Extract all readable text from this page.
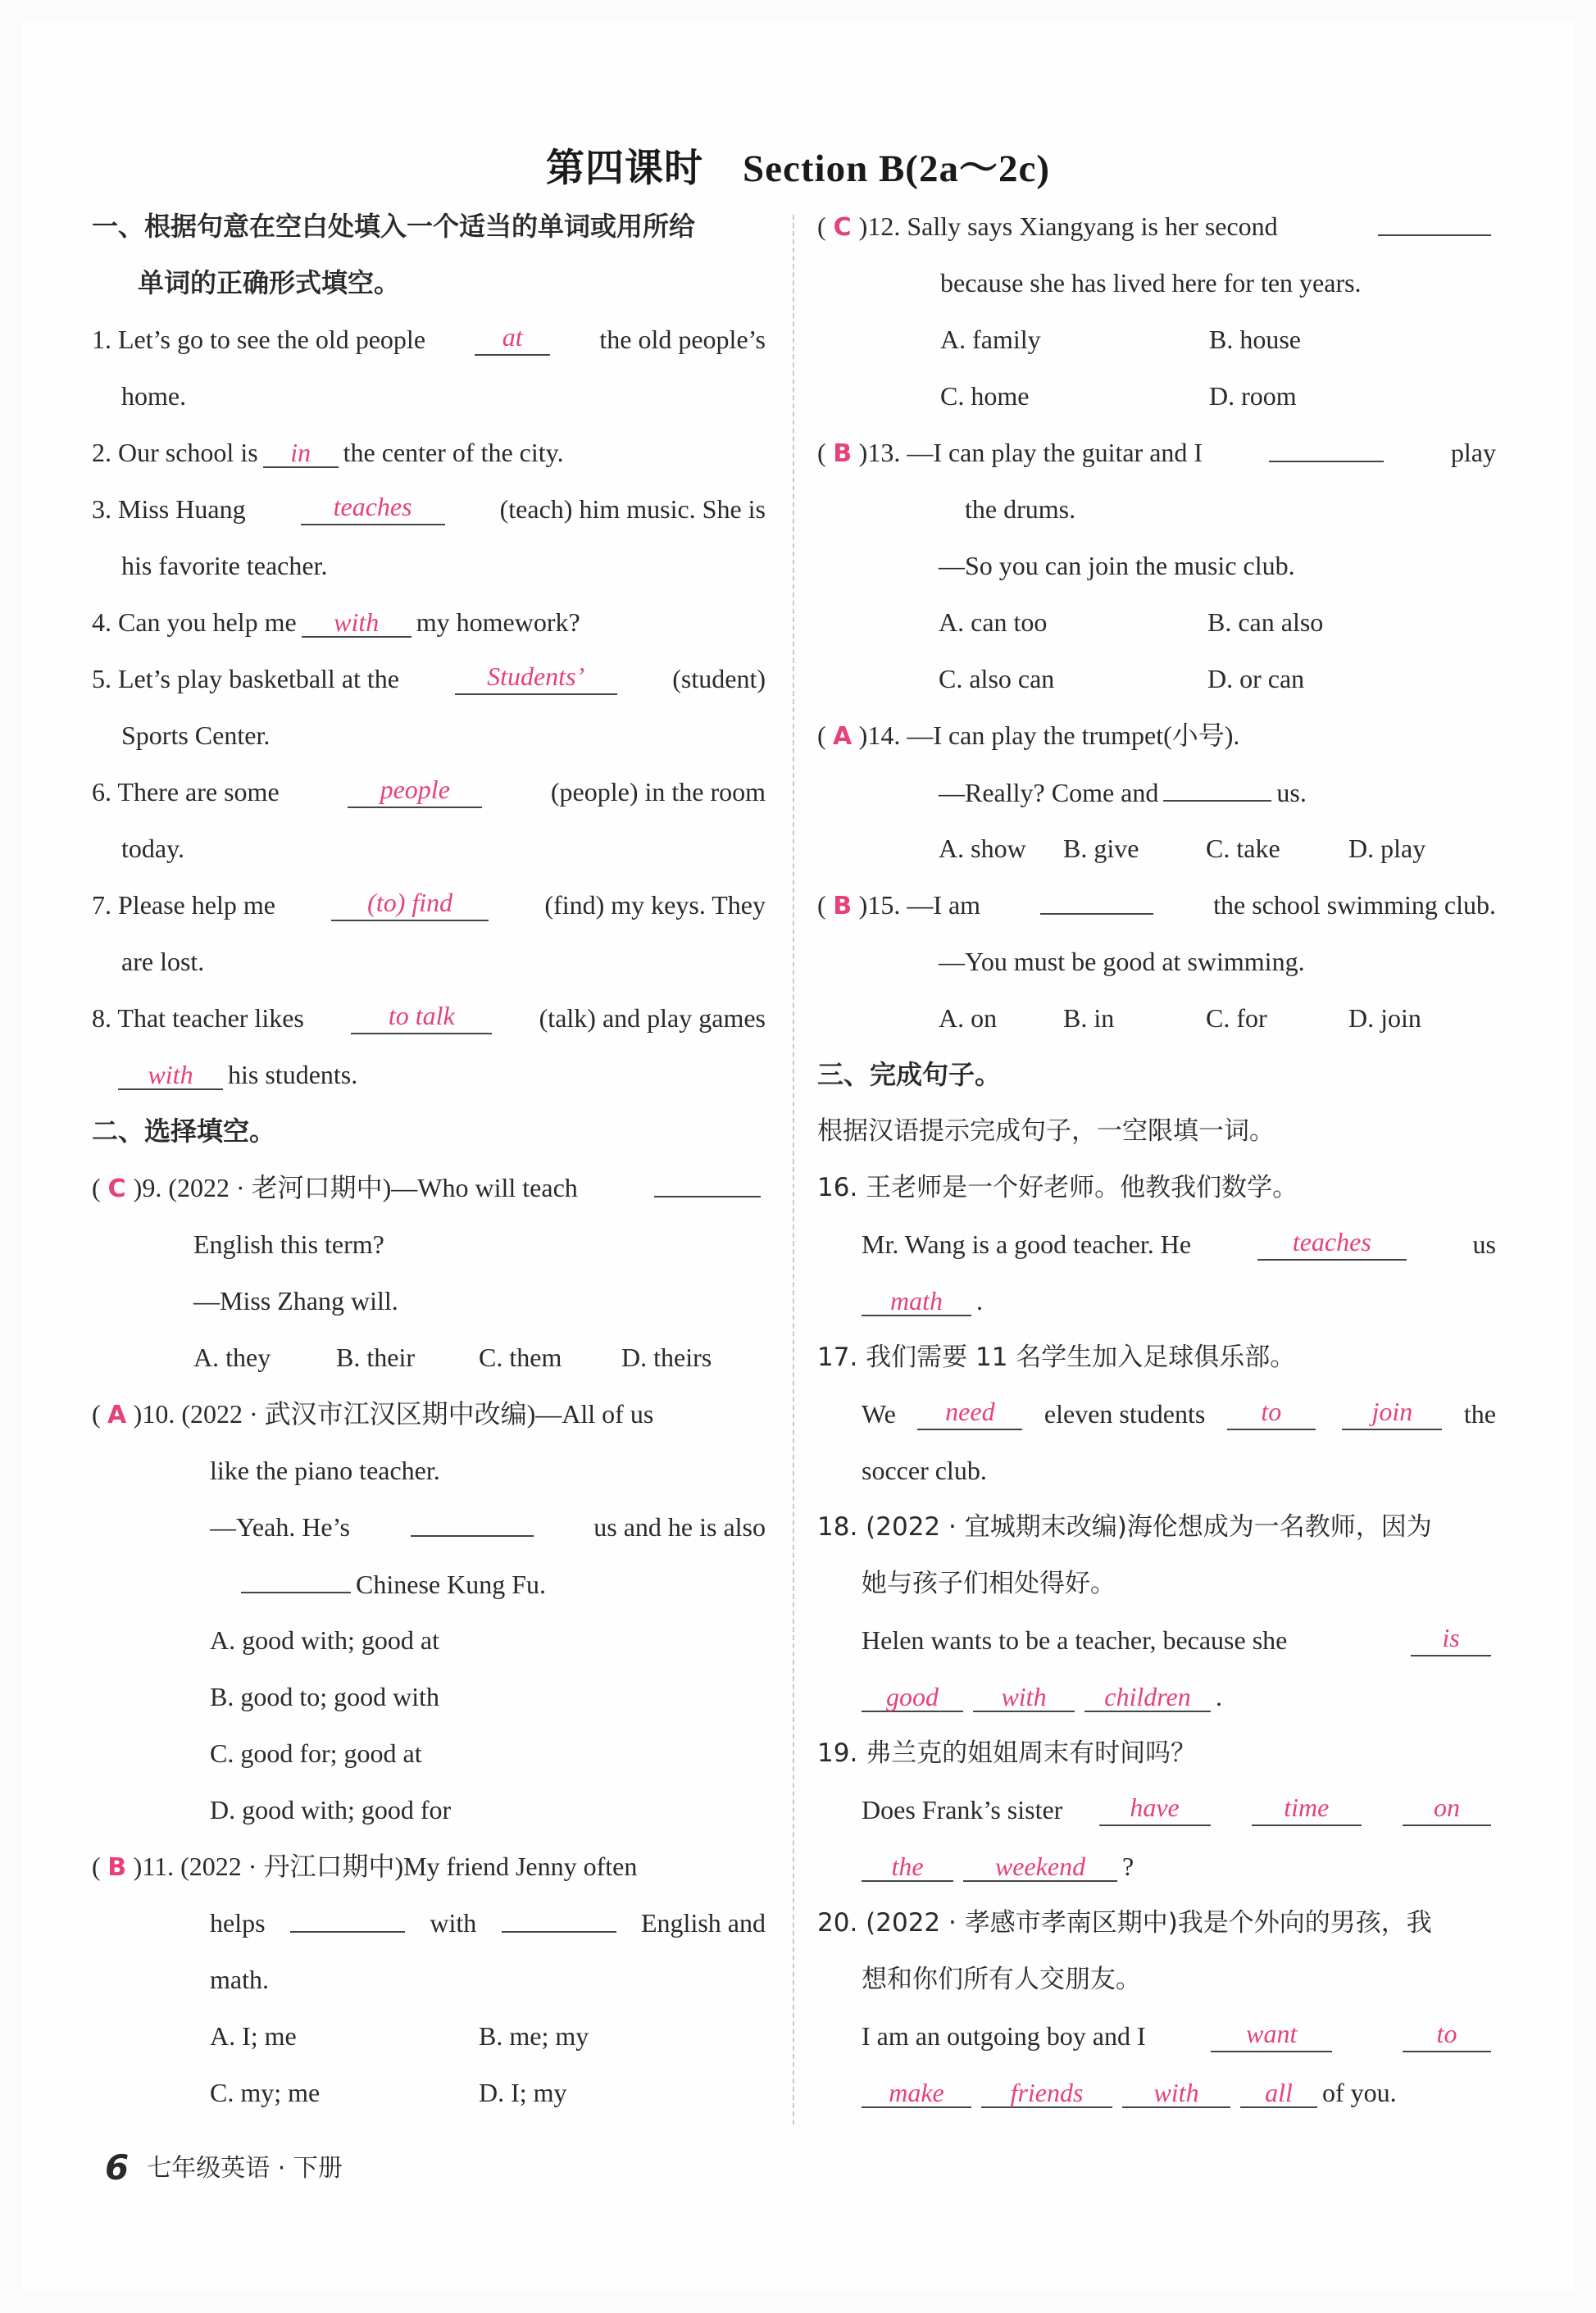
第四课时　Section B(2a～2c)
一、根据句意在空白处填入一个适当的单词或用所给
单词的正确形式填空。
1. Let’s go to see the old people	at	the old people’s
home.
2. Our school is in the center of the city.
3. Miss Huang	teaches	(teach) him music. She is
his favorite teacher.
4. Can you help me with my homework?
5. Let’s play basketball at the	Students’	(student)
Sports Center.
6. There are some	people	(people) in the room
today.
7. Please help me	(to) find	(find) my keys. They
are lost.
8. That teacher likes	to talk	(talk) and play games
with his students.
二、选择填空。
( C )9. (2022 · 老河口期中)—Who will teach
English this term?
—Miss Zhang will.
A. they B. their C. them D. theirs
( A )10. (2022 · 武汉市江汉区期中改编)—All of us
like the piano teacher.
—Yeah. He’s	us and he is also
Chinese Kung Fu.
A. good with; good at
B. good to; good with
C. good for; good at
D. good with; good for
( B )11. (2022 · 丹江口期中)My friend Jenny often
helps	with	English and
math.
A. I; me	B. me; my
C. my; me	D. I; my
( C )12. Sally says Xiangyang is her second
because she has lived here for ten years.
A. family	B. house
C. home	D. room
( B )13. —I can play the guitar and I	play
the drums.
—So you can join the music club.
A. can too	B. can also
C. also can	D. or can
( A )14. —I can play the trumpet(小号).
—Really? Come and	us.
A. show B. give	C. take	D. play
( B )15. —I am	the school swimming club.
—You must be good at swimming.
A. on	B. in	C. for	D. join
三、完成句子。
根据汉语提示完成句子，一空限填一词。
16. 王老师是一个好老师。他教我们数学。
Mr. Wang is a good teacher. He	teaches	us
math .
17. 我们需要 11 名学生加入足球俱乐部。
We	need	eleven students	to	join	the
soccer club.
18. (2022 · 宜城期末改编)海伦想成为一名教师，因为
她与孩子们相处得好。
Helen wants to be a teacher, because she	is
good with children .
19. 弗兰克的姐姐周末有时间吗？
Does Frank’s sister	have	time	on
the	weekend ?
20. (2022 · 孝感市孝南区期中)我是个外向的男孩，我
想和你们所有人交朋友。
I am an outgoing boy and I	want	to
make	friends	with	all of you.
6 七年级英语 · 下册
